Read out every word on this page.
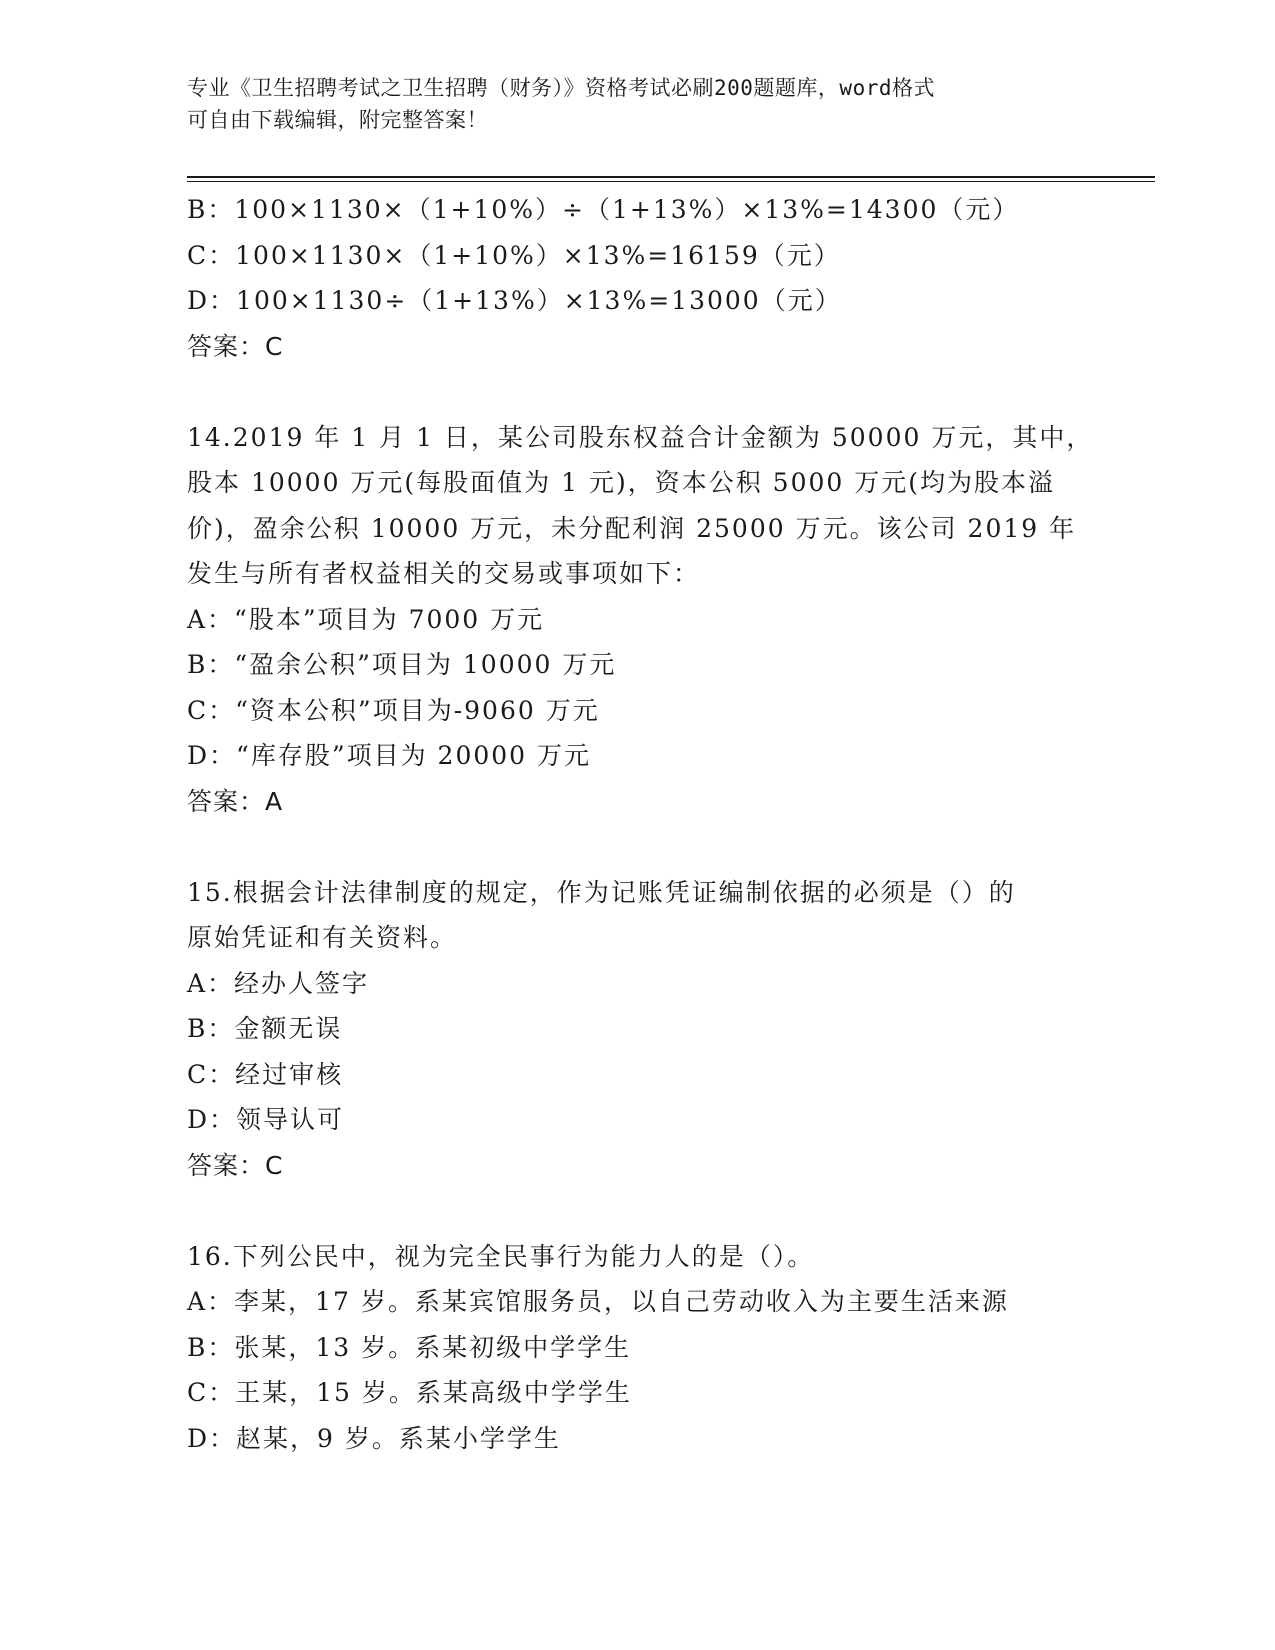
专业《卫生招聘考试之卫生招聘（财务）》资格考试必刷200题题库，word格式
可自由下载编辑，附完整答案！
B：100×1130×（1+10%）÷（1+13%）×13%=14300（元）
C：100×1130×（1+10%）×13%=16159（元）
D：100×1130÷（1+13%）×13%=13000（元）
答案：C
14.2019 年 1 月 1 日，某公司股东权益合计金额为 50000 万元，其中，
股本 10000 万元(每股面值为 1 元)，资本公积 5000 万元(均为股本溢
价)，盈余公积 10000 万元，未分配利润 25000 万元。该公司 2019 年
发生与所有者权益相关的交易或事项如下：
A：“股本”项目为 7000 万元
B：“盈余公积”项目为 10000 万元
C：“资本公积”项目为-9060 万元
D：“库存股”项目为 20000 万元
答案：A
15.根据会计法律制度的规定，作为记账凭证编制依据的必须是（）的
原始凭证和有关资料。
A：经办人签字
B：金额无误
C：经过审核
D：领导认可
答案：C
16.下列公民中，视为完全民事行为能力人的是（）。
A：李某，17 岁。系某宾馆服务员，以自己劳动收入为主要生活来源
B：张某，13 岁。系某初级中学学生
C：王某，15 岁。系某高级中学学生
D：赵某，9 岁。系某小学学生
